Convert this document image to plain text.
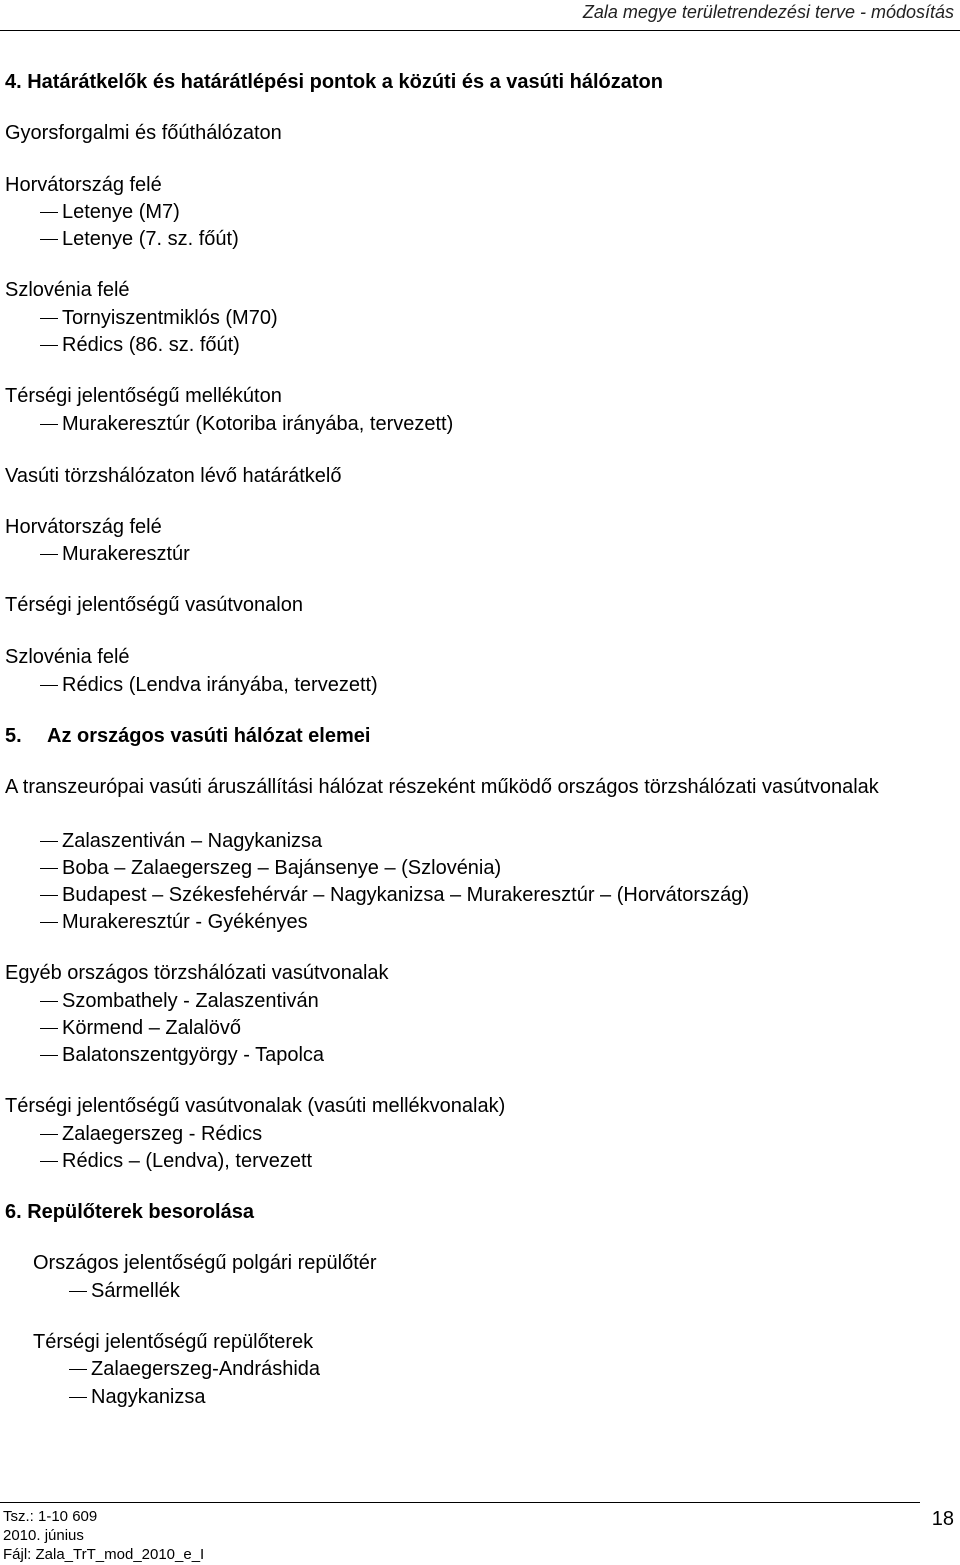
Zala megye területrendezési terve - módosítás
4. Határátkelők és határátlépési pontok a közúti és a vasúti hálózaton
Gyorsforgalmi és főúthálózaton
Horvátország felé
Letenye (M7)
Letenye (7. sz. főút)
Szlovénia felé
Tornyiszentmiklós (M70)
Rédics (86. sz. főút)
Térségi jelentőségű mellékúton
Murakeresztúr (Kotoriba irányába, tervezett)
Vasúti törzshálózaton lévő határátkelő
Horvátország felé
Murakeresztúr
Térségi jelentőségű vasútvonalon
Szlovénia felé
Rédics (Lendva irányába, tervezett)
5. Az országos vasúti hálózat elemei
A transzeurópai vasúti áruszállítási hálózat részeként működő országos törzshálózati vasútvonalak
Zalaszentiván – Nagykanizsa
Boba – Zalaegerszeg – Bajánsenye – (Szlovénia)
Budapest – Székesfehérvár – Nagykanizsa – Murakeresztúr – (Horvátország)
Murakeresztúr - Gyékényes
Egyéb országos törzshálózati vasútvonalak
Szombathely - Zalaszentiván
Körmend – Zalalövő
Balatonszentgyörgy - Tapolca
Térségi jelentőségű vasútvonalak (vasúti mellékvonalak)
Zalaegerszeg - Rédics
Rédics – (Lendva), tervezett
6. Repülőterek besorolása
Országos jelentőségű polgári repülőtér
Sármellék
Térségi jelentőségű repülőterek
Zalaegerszeg-Andráshida
Nagykanizsa
Tsz.: 1-10 609
2010. június
Fájl: Zala_TrT_mod_2010_e_I
18
